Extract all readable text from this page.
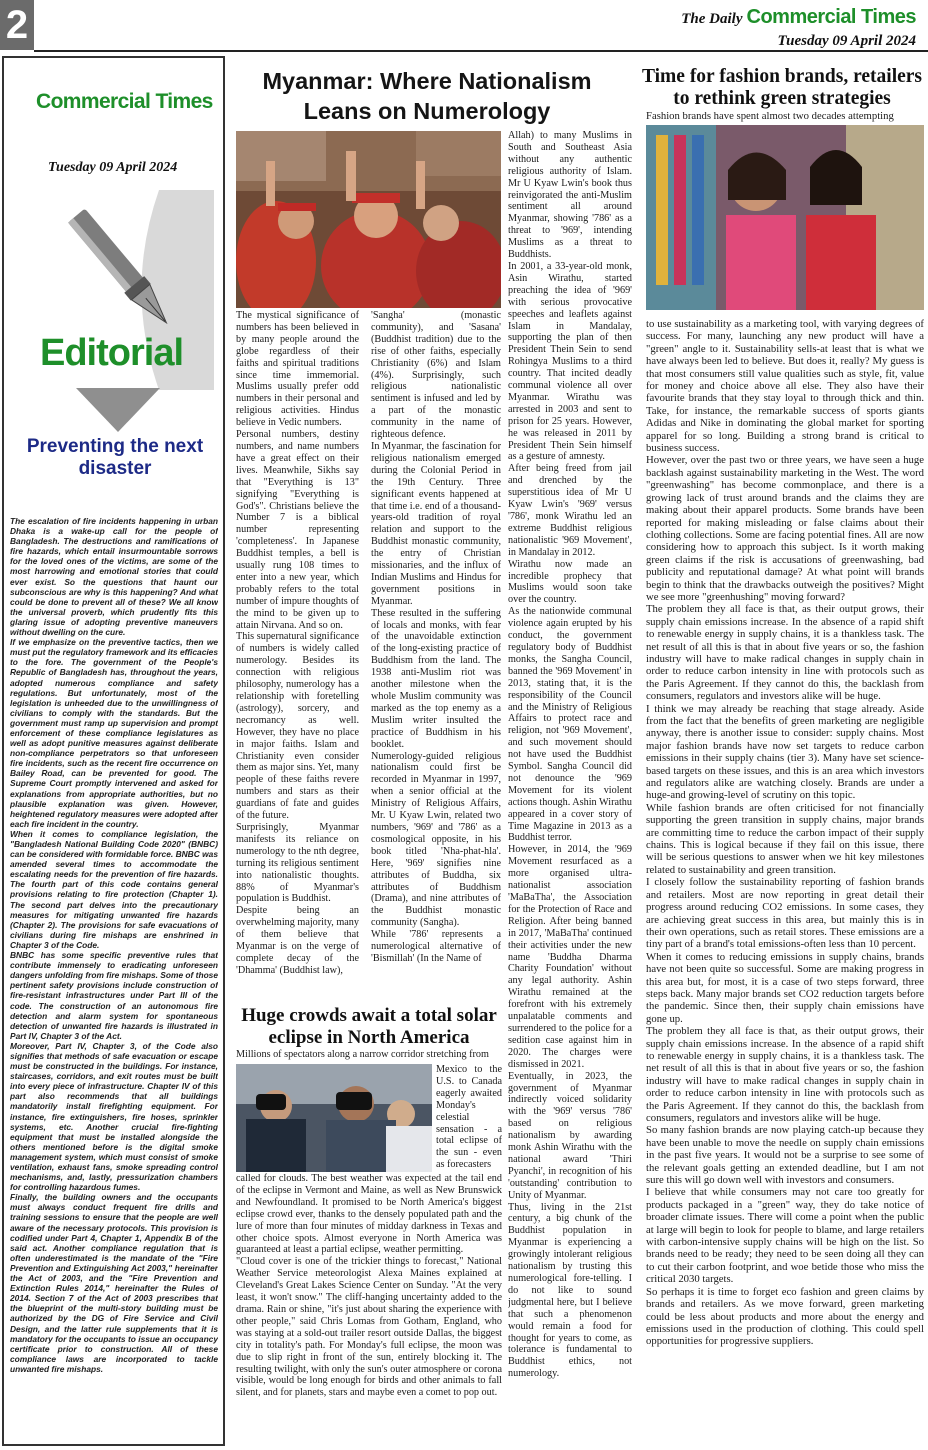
2	The Daily Commercial Times
Tuesday 09 April 2024
Commercial Times
Tuesday 09 April 2024
Editorial
Preventing the next disaster

The escalation of fire incidents happening in urban Dhaka is a wake-up call for the people of Bangladesh. The destructions and ramifications of fire hazards, which entail insurmountable sorrows for the loved ones of the victims, are some of the most harrowing and emotional stories that could ever exist. So the questions that haunt our subconscious are why is this happening? And what could be done to prevent all of these? We all know the universal proverb, which prudently fits this glaring issue of adopting preventive maneuvers without dwelling on the cure.

If we emphasize on the preventive tactics, then we must put the regulatory framework and its efficacies to the fore. The government of the People's Republic of Bangladesh has, throughout the years, adopted numerous compliance and safety regulations. But unfortunately, most of the legislation is unheeded due to the unwillingness of civilians to comply with the standards. But the government must ramp up supervision and prompt enforcement of these compliance legislatures as well as adopt punitive measures against deliberate non-compliance perpetrators so that unforeseen fire incidents, such as the recent fire occurrence on Bailey Road, can be prevented for good. The Supreme Court promptly intervened and asked for explanations from appropriate authorities, but no plausible explanation was given. However, heightened regulatory measures were adopted after each fire incident in the country.

When it comes to compliance legislation, the "Bangladesh National Building Code 2020" (BNBC) can be considered with formidable force. BNBC was amended several times to accommodate the escalating needs for the prevention of fire hazards. The fourth part of this code contains general provisions relating to fire protection (Chapter 1). The second part delves into the precautionary measures for mitigating unwanted fire hazards (Chapter 2). The provisions for safe evacuations of civilians during fire mishaps are enshrined in Chapter 3 of the Code.

BNBC has some specific preventive rules that contribute immensely to eradicating unforeseen dangers unfolding from fire mishaps. Some of those pertinent safety provisions include construction of fire-resistant infrastructures under Part III of the code. The construction of an autonomous fire detection and alarm system for spontaneous detection of unwanted fire hazards is illustrated in Part IV, Chapter 3 of the Act.

Moreover, Part IV, Chapter 3, of the Code also signifies that methods of safe evacuation or escape must be constructed in the buildings. For instance, staircases, corridors, and exit routes must be built into every piece of infrastructure. Chapter IV of this part also recommends that all buildings mandatorily install firefighting equipment. For instance, fire extinguishers, fire hoses, sprinkler systems, etc. Another crucial fire-fighting equipment that must be installed alongside the others mentioned before is the digital smoke management system, which must consist of smoke ventilation, exhaust fans, smoke spreading control mechanisms, and, lastly, pressurization chambers for controlling hazardous fumes.

Finally, the building owners and the occupants must always conduct frequent fire drills and training sessions to ensure that the people are well aware of the necessary protocols. This provision is codified under Part 4, Chapter 1, Appendix B of the said act. Another compliance regulation that is often underestimated is the mandate of the "Fire Prevention and Extinguishing Act 2003," hereinafter the Act of 2003, and the "Fire Prevention and Extinction Rules 2014," hereinafter the Rules of 2014. Section 7 of the Act of 2003 prescribes that the blueprint of the multi-story building must be authorized by the DG of Fire Service and Civil Design, and the latter rule supplements that it is mandatory for the occupants to issue an occupancy certificate prior to construction. All of these compliance laws are incorporated to tackle unwanted fire mishaps.

Myanmar: Where Nationalism Leans on Numerology

The mystical significance of numbers has been believed in by many people around the globe regardless of their faiths and spiritual traditions since time immemorial. Muslims usually prefer odd numbers in their personal and religious activities. Hindus believe in Vedic numbers.

Personal numbers, destiny numbers, and name numbers have a great effect on their lives. Meanwhile, Sikhs say that "Everything is 13" signifying "Everything is God's". Christians believe the Number 7 is a biblical number representing 'completeness'. In Japanese Buddhist temples, a bell is usually rung 108 times to enter into a new year, which probably refers to the total number of impure thoughts of the mind to be given up to attain Nirvana. And so on.

This supernatural significance of numbers is widely called numerology. Besides its connection with religious philosophy, numerology has a relationship with foretelling (astrology), sorcery, and necromancy as well. However, they have no place in major faiths. Islam and Christianity even consider them as major sins. Yet, many people of these faiths revere numbers and stars as their guardians of fate and guides of the future.

Surprisingly, Myanmar manifests its reliance on numerology to the nth degree, turning its religious sentiment into nationalistic thoughts. 88% of Myanmar's population is Buddhist.

Despite being an overwhelming majority, many of them believe that Myanmar is on the verge of complete decay of the 'Dhamma' (Buddhist law),

'Sangha' (monastic community), and 'Sasana' (Buddhist tradition) due to the rise of other faiths, especially Christianity (6%) and Islam (4%). Surprisingly, such religious nationalistic sentiment is infused and led by a part of the monastic community in the name of righteous defence.

In Myanmar, the fascination for religious nationalism emerged during the Colonial Period in the 19th Century. Three significant events happened at that time i.e. end of a thousand-years-old tradition of royal relation and support to the Buddhist monastic community, the entry of Christian missionaries, and the influx of Indian Muslims and Hindus for government positions in Myanmar.

These resulted in the suffering of locals and monks, with fear of the unavoidable extinction of the long-existing practice of Buddhism from the land. The 1938 anti-Muslim riot was another milestone when the whole Muslim community was marked as the top enemy as a Muslim writer insulted the practice of Buddhism in his booklet.

Numerology-guided religious nationalism could first be recorded in Myanmar in 1997, when a senior official at the Ministry of Religious Affairs, Mr. U Kyaw Lwin, related two numbers, '969' and '786' as a cosmological opposite, in his book titled 'Nha-phat-hla'. Here, '969' signifies nine attributes of Buddha, six attributes of Buddhism (Drama), and nine attributes of the Buddhist monastic community (Sangha).

While '786' represents a numerological alternative of 'Bismillah' (In the Name of

Allah) to many Muslims in South and Southeast Asia without any authentic religious authority of Islam. Mr U Kyaw Lwin's book thus reinvigorated the anti-Muslim sentiment all around Myanmar, showing '786' as a threat to '969', intending Muslims as a threat to Buddhists.

In 2001, a 33-year-old monk, Asin Wirathu, started preaching the idea of '969' with serious provocative speeches and leaflets against Islam in Mandalay, supporting the plan of then President Thein Sein to send Rohingya Muslims to a third country. That incited deadly communal violence all over Myanmar. Wirathu was arrested in 2003 and sent to prison for 25 years. However, he was released in 2011 by President Thein Sein himself as a gesture of amnesty.

After being freed from jail and drenched by the superstitious idea of Mr U Kyaw Lwin's '969' versus '786', monk Wirathu led an extreme Buddhist religious nationalistic '969 Movement', in Mandalay in 2012.

Wirathu now made an incredible prophecy that Muslims would soon take over the country.

As the nationwide communal violence again erupted by his conduct, the government regulatory body of Buddhist monks, the Sangha Council, banned the '969 Movement' in 2013, stating that, it is the responsibility of the Council and the Ministry of Religious Affairs to protect race and religion, not '969 Movement', and such movement should not have used the Buddhist Symbol. Sangha Council did not denounce the '969 Movement for its violent actions though. Ashin Wirathu appeared in a cover story of Time Magazine in 2013 as a Buddhist terror.

However, in 2014, the '969 Movement resurfaced as a more organised ultra-nationalist association 'MaBaTha', the Association for the Protection of Race and Religion. After being banned in 2017, 'MaBaTha' continued their activities under the new name 'Buddha Dharma Charity Foundation' without any legal authority. Ashin Wirathu remained at the forefront with his extremely unpalatable comments and surrendered to the police for a sedition case against him in 2020. The charges were dismissed in 2021.

Eventually, in 2023, the government of Myanmar indirectly voiced solidarity with the '969' versus '786' based on religious nationalism by awarding monk Ashin Wirathu with the national award 'Thiri Pyanchi', in recognition of his 'outstanding' contribution to Unity of Myanmar.

Thus, living in the 21st century, a big chunk of the Buddhist population in Myanmar is experiencing a growingly intolerant religious nationalism by trusting this numerological fore-telling. I do not like to sound judgmental here, but I believe that such a phenomenon would remain a food for thought for years to come, as tolerance is fundamental to Buddhist ethics, not numerology.

Huge crowds await a total solar eclipse in North America
Millions of spectators along a narrow corridor stretching from
Mexico to the U.S. to Canada eagerly awaited Monday's celestial sensation - a total eclipse of the sun - even as forecasters

called for clouds. The best weather was expected at the tail end of the eclipse in Vermont and Maine, as well as New Brunswick and Newfoundland. It promised to be North America's biggest eclipse crowd ever, thanks to the densely populated path and the lure of more than four minutes of midday darkness in Texas and other choice spots. Almost everyone in North America was guaranteed at least a partial eclipse, weather permitting.

"Cloud cover is one of the trickier things to forecast," National Weather Service meteorologist Alexa Maines explained at Cleveland's Great Lakes Science Center on Sunday. "At the very least, it won't snow." The cliff-hanging uncertainty added to the drama. Rain or shine, "it's just about sharing the experience with other people," said Chris Lomas from Gotham, England, who was staying at a sold-out trailer resort outside Dallas, the biggest city in totality's path. For Monday's full eclipse, the moon was due to slip right in front of the sun, entirely blocking it. The resulting twilight, with only the sun's outer atmosphere or corona visible, would be long enough for birds and other animals to fall silent, and for planets, stars and maybe even a comet to pop out.

Time for fashion brands, retailers to rethink green strategies
Fashion brands have spent almost two decades attempting

to use sustainability as a marketing tool, with varying degrees of success. For many, launching any new product will have a "green" angle to it. Sustainability sells-at least that is what we have always been led to believe. But does it, really? My guess is that most consumers still value qualities such as style, fit, value for money and choice above all else. They also have their favourite brands that they stay loyal to through thick and thin. Take, for instance, the remarkable success of sports giants Adidas and Nike in dominating the global market for sporting apparel for so long. Building a strong brand is critical to business success.

However, over the past two or three years, we have seen a huge backlash against sustainability marketing in the West. The word "greenwashing" has become commonplace, and there is a growing lack of trust around brands and the claims they are making about their apparel products. Some brands have been reported for making misleading or false claims about their clothing collections. Some are facing potential fines. All are now considering how to approach this subject. Is it worth making green claims if the risk is accusations of greenwashing, bad publicity and reputational damage? At what point will brands begin to think that the drawbacks outweigh the positives? Might we see more "greenhushing" moving forward?

The problem they all face is that, as their output grows, their supply chain emissions increase. In the absence of a rapid shift to renewable energy in supply chains, it is a thankless task. The net result of all this is that in about five years or so, the fashion industry will have to make radical changes in supply chain in order to reduce carbon intensity in line with protocols such as the Paris Agreement. If they cannot do this, the backlash from consumers, regulators and investors alike will be huge.

I think we may already be reaching that stage already. Aside from the fact that the benefits of green marketing are negligible anyway, there is another issue to consider: supply chains. Most major fashion brands have now set targets to reduce carbon emissions in their supply chains (tier 3). Many have set science-based targets on these issues, and this is an area which investors and regulators alike are watching closely. Brands are under a huge-and growing-level of scrutiny on this topic.

While fashion brands are often criticised for not financially supporting the green transition in supply chains, major brands are committing time to reduce the carbon impact of their supply chains. This is logical because if they fail on this issue, there will be serious questions to answer when we hit key milestones related to sustainability and green transition.

I closely follow the sustainability reporting of fashion brands and retailers. Most are now reporting in great detail their progress around reducing CO2 emissions. In some cases, they are achieving great success in this area, but mainly this is in their own operations, such as retail stores. These emissions are a tiny part of a brand's total emissions-often less than 10 percent.

When it comes to reducing emissions in supply chains, brands have not been quite so successful. Some are making progress in this area but, for most, it is a case of two steps forward, three steps back. Many major brands set CO2 reduction targets before the pandemic. Since then, their supply chain emissions have gone up.

The problem they all face is that, as their output grows, their supply chain emissions increase. In the absence of a rapid shift to renewable energy in supply chains, it is a thankless task. The net result of all this is that in about five years or so, the fashion industry will have to make radical changes in supply chain in order to reduce carbon intensity in line with protocols such as the Paris Agreement. If they cannot do this, the backlash from consumers, regulators and investors alike will be huge.

So many fashion brands are now playing catch-up because they have been unable to move the needle on supply chain emissions in the past five years. It would not be a surprise to see some of the relevant goals getting an extended deadline, but I am not sure this will go down well with investors and consumers.

I believe that while consumers may not care too greatly for products packaged in a "green" way, they do take notice of broader climate issues. There will come a point when the public at large will begin to look for people to blame, and large retailers with carbon-intensive supply chains will be high on the list. So brands need to be ready; they need to be seen doing all they can to cut their carbon footprint, and woe betide those who miss the critical 2030 targets.

So perhaps it is time to forget eco fashion and green claims by brands and retailers. As we move forward, green marketing could be less about products and more about the energy and emissions used in the production of clothing. This could spell opportunities for progressive suppliers.
